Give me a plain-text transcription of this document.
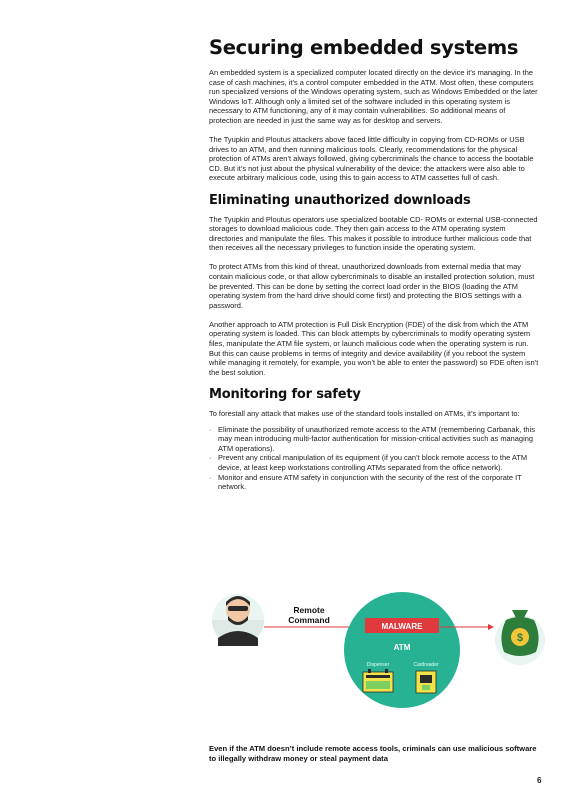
Securing embedded systems

An embedded system is a specialized computer located directly on the device it’s managing. In the case of cash machines, it’s a control computer embedded in the ATM. Most often, these computers run specialized versions of the Windows operating system, such as Windows Embedded or the later Windows IoT. Although only a limited set of the software included in this operating system is necessary to ATM functioning, any of it may contain vulnerabilities. So additional means of protection are needed in just the same way as for desktop and servers.

The Tyupkin and Ploutus attackers above faced little difficulty in copying from CD-ROMs or USB drives to an ATM, and then running malicious tools. Clearly, recommendations for the physical protection of ATMs aren’t always followed, giving cybercriminals the chance to access the bootable CD. But it’s not just about the physical vulnerability of the device: the attackers were also able to execute arbitrary malicious code, using this to gain access to ATM cassettes full of cash.

Eliminating unauthorized downloads

The Tyupkin and Ploutus operators use specialized bootable CD- ROMs or external USB-connected storages to download malicious code. They then gain access to the ATM operating system directories and manipulate the files. This makes it possible to introduce further malicious code that then receives all the necessary privileges to function inside the operating system.

To protect ATMs from this kind of threat, unauthorized downloads from external media that may contain malicious code, or that allow cybercriminals to disable an installed protection solution, must be prevented. This can be done by setting the correct load order in the BIOS (loading the ATM operating system from the hard drive should come first) and protecting the BIOS settings with a password.

Another approach to ATM protection is Full Disk Encryption (FDE) of the disk from which the ATM operating system is loaded. This can block attempts by cybercriminals to modify operating system files, manipulate the ATM file system, or launch malicious code when the operating system is run. But this can cause problems in terms of integrity and device availability (if you reboot the system while managing it remotely, for example, you won’t be able to enter the password) so FDE often isn’t the best solution.

Monitoring for safety

To forestall any attack that makes use of the standard tools installed on ATMs, it’s important to:

· Eliminate the possibility of unauthorized remote access to the ATM (remembering Carbanak, this may mean introducing multi-factor authentication for mission-critical activities such as managing ATM operations).
· Prevent any critical manipulation of its equipment (if you can’t block remote access to the ATM device, at least keep workstations controlling ATMs separated from the office network).
· Monitor and ensure ATM safety in conjunction with the security of the rest of the corporate IT network.
Remote
Command
MALWARE
ATM
Dispenser	Cardreader
$
Even if the ATM doesn’t include remote access tools, criminals can use malicious software to illegally withdraw money or steal payment data
6
